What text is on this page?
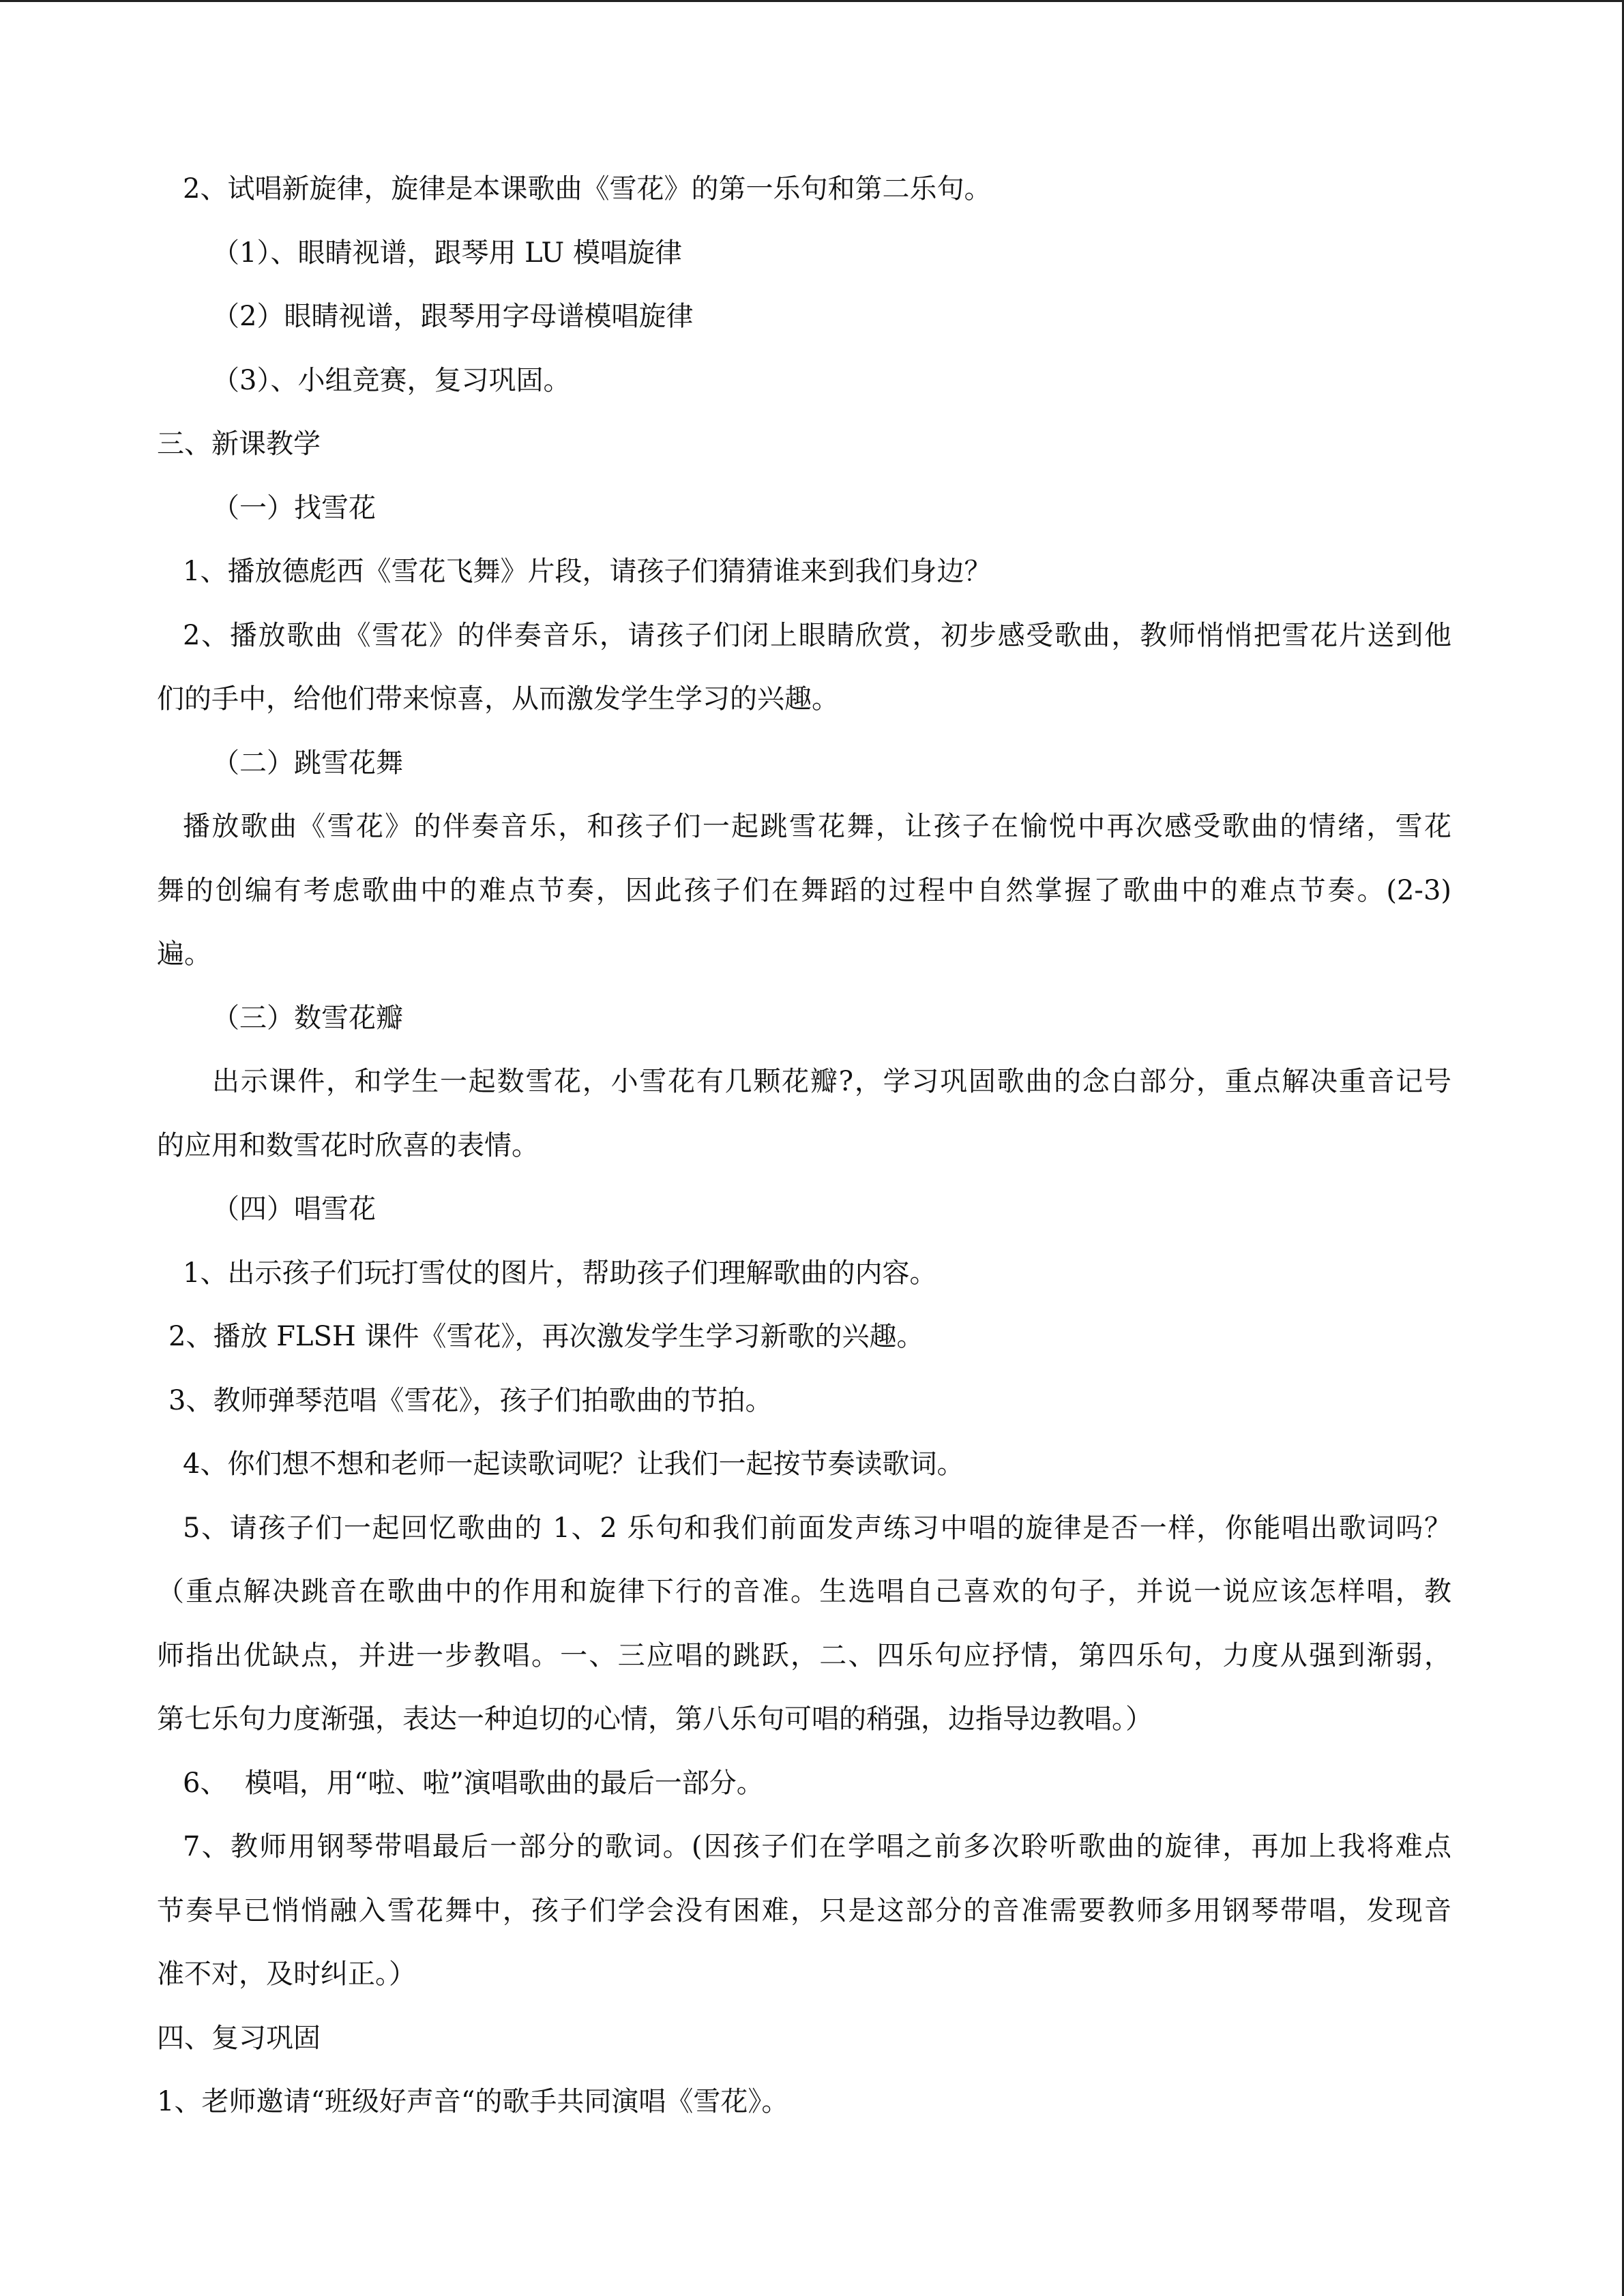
2、试唱新旋律，旋律是本课歌曲《雪花》的第一乐句和第二乐句。
（1）、眼睛视谱，跟琴用 LU 模唱旋律
（2）眼睛视谱，跟琴用字母谱模唱旋律
（3）、小组竞赛，复习巩固。
三、新课教学
（一）找雪花
1、播放德彪西《雪花飞舞》片段，请孩子们猜猜谁来到我们身边？
2、播放歌曲《雪花》的伴奏音乐，请孩子们闭上眼睛欣赏，初步感受歌曲，教师悄悄把雪花片送到他
们的手中，给他们带来惊喜，从而激发学生学习的兴趣。
（二）跳雪花舞
播放歌曲《雪花》的伴奏音乐，和孩子们一起跳雪花舞，让孩子在愉悦中再次感受歌曲的情绪，雪花
舞的创编有考虑歌曲中的难点节奏，因此孩子们在舞蹈的过程中自然掌握了歌曲中的难点节奏。(2-3)
遍。
（三）数雪花瓣
出示课件，和学生一起数雪花，小雪花有几颗花瓣?，学习巩固歌曲的念白部分，重点解决重音记号
的应用和数雪花时欣喜的表情。
（四）唱雪花
1、出示孩子们玩打雪仗的图片，帮助孩子们理解歌曲的内容。
2、播放 FLSH 课件《雪花》，再次激发学生学习新歌的兴趣。
3、教师弹琴范唱《雪花》，孩子们拍歌曲的节拍。
4、你们想不想和老师一起读歌词呢？让我们一起按节奏读歌词。
5、请孩子们一起回忆歌曲的 1、2 乐句和我们前面发声练习中唱的旋律是否一样，你能唱出歌词吗？
（重点解决跳音在歌曲中的作用和旋律下行的音准。生选唱自己喜欢的句子，并说一说应该怎样唱，教
师指出优缺点，并进一步教唱。一、三应唱的跳跃，二、四乐句应抒情，第四乐句，力度从强到渐弱，
第七乐句力度渐强，表达一种迫切的心情，第八乐句可唱的稍强，边指导边教唱。）
6、  模唱，用“啦、啦”演唱歌曲的最后一部分。
7、教师用钢琴带唱最后一部分的歌词。(因孩子们在学唱之前多次聆听歌曲的旋律，再加上我将难点
节奏早已悄悄融入雪花舞中，孩子们学会没有困难，只是这部分的音准需要教师多用钢琴带唱，发现音
准不对，及时纠正。）
四、复习巩固
1、老师邀请“班级好声音“的歌手共同演唱《雪花》。
